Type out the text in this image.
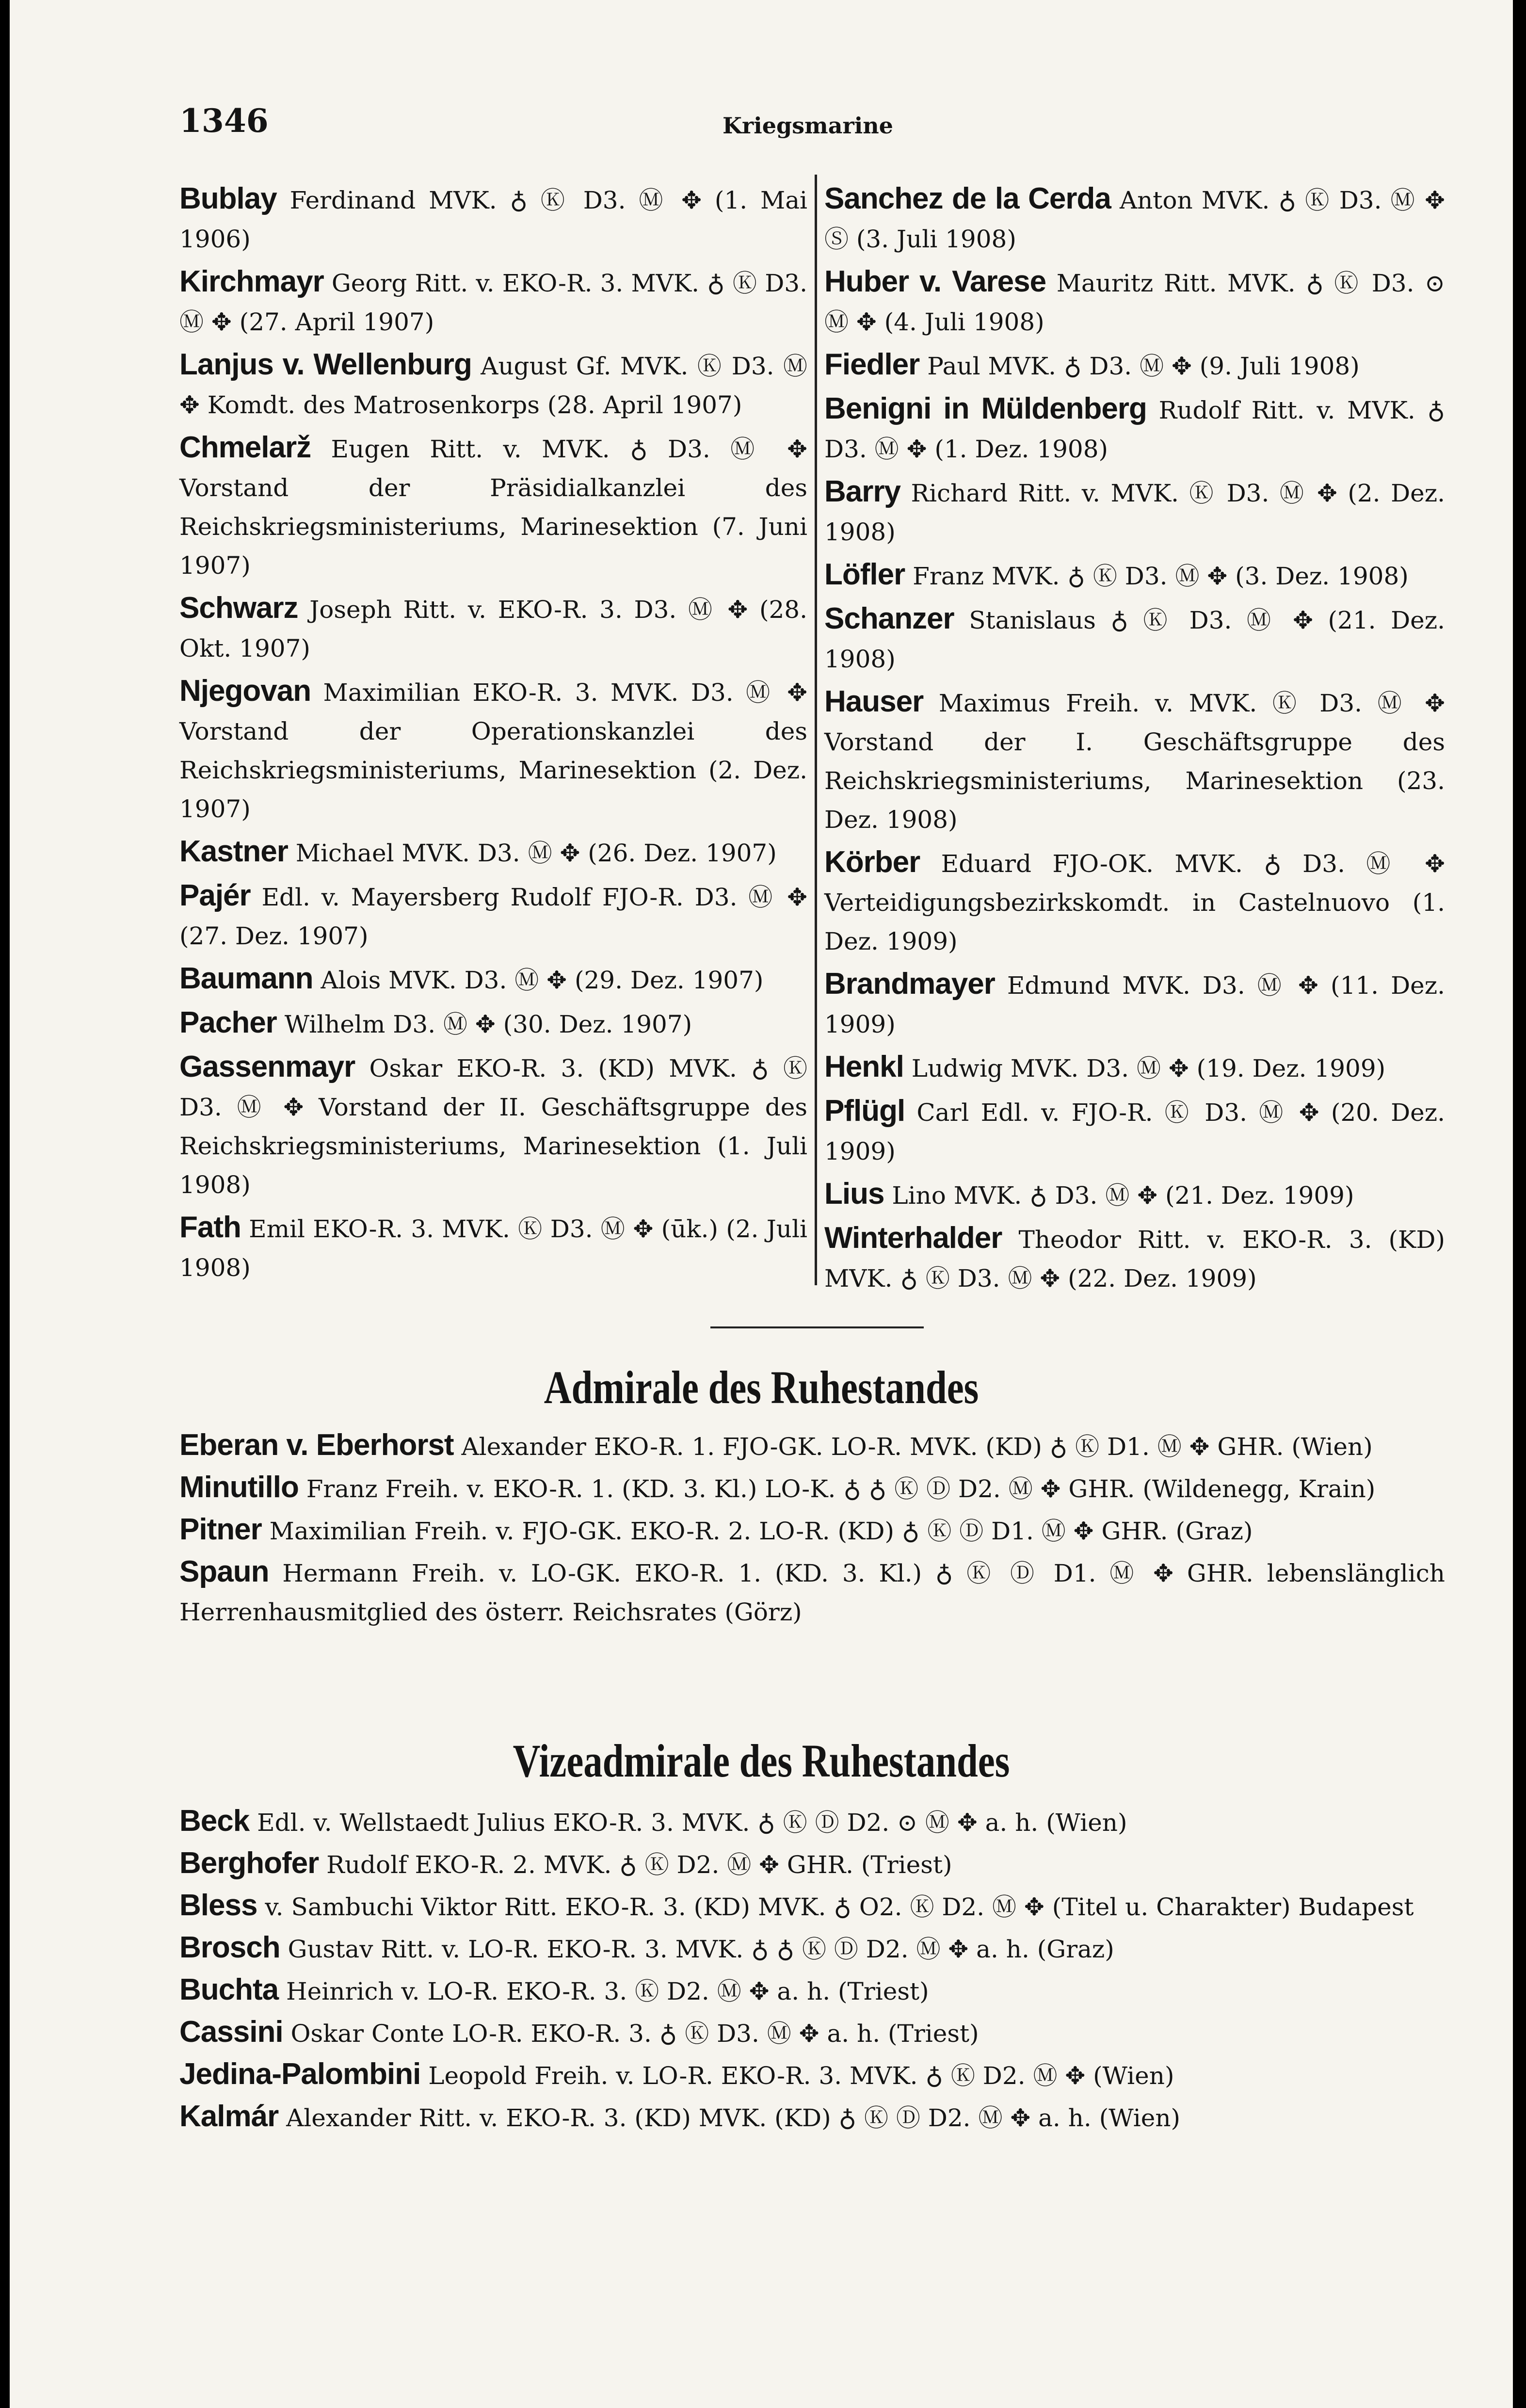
1346	Kriegsmarine
Bublay Ferdinand MVK. ♁ Ⓚ D3. Ⓜ ✥ (1. Mai 1906)
Kirchmayr Georg Ritt. v. EKO-R. 3. MVK. ♁ Ⓚ D3. Ⓜ ✥ (27. April 1907)
Lanjus v. Wellenburg August Gf. MVK. Ⓚ D3. Ⓜ ✥ Komdt. des Matrosenkorps (28. April 1907)
Chmelarž Eugen Ritt. v. MVK. ♁ D3. Ⓜ ✥ Vorstand der Präsidialkanzlei des Reichskriegsministeriums, Marinesektion (7. Juni 1907)
Schwarz Joseph Ritt. v. EKO-R. 3. D3. Ⓜ ✥ (28. Okt. 1907)
Njegovan Maximilian EKO-R. 3. MVK. D3. Ⓜ ✥ Vorstand der Operationskanzlei des Reichskriegsministeriums, Marinesektion (2. Dez. 1907)
Kastner Michael MVK. D3. Ⓜ ✥ (26. Dez. 1907)
Pajér Edl. v. Mayersberg Rudolf FJO-R. D3. Ⓜ ✥ (27. Dez. 1907)
Baumann Alois MVK. D3. Ⓜ ✥ (29. Dez. 1907)
Pacher Wilhelm D3. Ⓜ ✥ (30. Dez. 1907)
Gassenmayr Oskar EKO-R. 3. (KD) MVK. ♁ Ⓚ D3. Ⓜ ✥ Vorstand der II. Geschäftsgruppe des Reichskriegsministeriums, Marinesektion (1. Juli 1908)
Fath Emil EKO-R. 3. MVK. Ⓚ D3. Ⓜ ✥ (ūk.) (2. Juli 1908)
Sanchez de la Cerda Anton MVK. ♁ Ⓚ D3. Ⓜ ✥ Ⓢ (3. Juli 1908)
Huber v. Varese Mauritz Ritt. MVK. ♁ Ⓚ D3. ⊙ Ⓜ ✥ (4. Juli 1908)
Fiedler Paul MVK. ♁ D3. Ⓜ ✥ (9. Juli 1908)
Benigni in Müldenberg Rudolf Ritt. v. MVK. ♁ D3. Ⓜ ✥ (1. Dez. 1908)
Barry Richard Ritt. v. MVK. Ⓚ D3. Ⓜ ✥ (2. Dez. 1908)
Löfler Franz MVK. ♁ Ⓚ D3. Ⓜ ✥ (3. Dez. 1908)
Schanzer Stanislaus ♁ Ⓚ D3. Ⓜ ✥ (21. Dez. 1908)
Hauser Maximus Freih. v. MVK. Ⓚ D3. Ⓜ ✥ Vorstand der I. Geschäftsgruppe des Reichskriegsministeriums, Marinesektion (23. Dez. 1908)
Körber Eduard FJO-OK. MVK. ♁ D3. Ⓜ ✥ Verteidigungsbezirkskomdt. in Castelnuovo (1. Dez. 1909)
Brandmayer Edmund MVK. D3. Ⓜ ✥ (11. Dez. 1909)
Henkl Ludwig MVK. D3. Ⓜ ✥ (19. Dez. 1909)
Pflügl Carl Edl. v. FJO-R. Ⓚ D3. Ⓜ ✥ (20. Dez. 1909)
Lius Lino MVK. ♁ D3. Ⓜ ✥ (21. Dez. 1909)
Winterhalder Theodor Ritt. v. EKO-R. 3. (KD) MVK. ♁ Ⓚ D3. Ⓜ ✥ (22. Dez. 1909)
Admirale des Ruhestandes
Eberan v. Eberhorst Alexander EKO-R. 1. FJO-GK. LO-R. MVK. (KD) ♁ Ⓚ D1. Ⓜ ✥ GHR. (Wien)
Minutillo Franz Freih. v. EKO-R. 1. (KD. 3. Kl.) LO-K. ♁ ♁ Ⓚ Ⓓ D2. Ⓜ ✥ GHR. (Wildenegg, Krain)
Pitner Maximilian Freih. v. FJO-GK. EKO-R. 2. LO-R. (KD) ♁ Ⓚ Ⓓ D1. Ⓜ ✥ GHR. (Graz)
Spaun Hermann Freih. v. LO-GK. EKO-R. 1. (KD. 3. Kl.) ♁ Ⓚ Ⓓ D1. Ⓜ ✥ GHR. lebenslänglich Herrenhausmitglied des österr. Reichsrates (Görz)
Vizeadmirale des Ruhestandes
Beck Edl. v. Wellstaedt Julius EKO-R. 3. MVK. ♁ Ⓚ Ⓓ D2. ⊙ Ⓜ ✥ a. h. (Wien)
Berghofer Rudolf EKO-R. 2. MVK. ♁ Ⓚ D2. Ⓜ ✥ GHR. (Triest)
Bless v. Sambuchi Viktor Ritt. EKO-R. 3. (KD) MVK. ♁ O2. Ⓚ D2. Ⓜ ✥ (Titel u. Charakter) Budapest
Brosch Gustav Ritt. v. LO-R. EKO-R. 3. MVK. ♁ ♁ Ⓚ Ⓓ D2. Ⓜ ✥ a. h. (Graz)
Buchta Heinrich v. LO-R. EKO-R. 3. Ⓚ D2. Ⓜ ✥ a. h. (Triest)
Cassini Oskar Conte LO-R. EKO-R. 3. ♁ Ⓚ D3. Ⓜ ✥ a. h. (Triest)
Jedina-Palombini Leopold Freih. v. LO-R. EKO-R. 3. MVK. ♁ Ⓚ D2. Ⓜ ✥ (Wien)
Kalmár Alexander Ritt. v. EKO-R. 3. (KD) MVK. (KD) ♁ Ⓚ Ⓓ D2. Ⓜ ✥ a. h. (Wien)
